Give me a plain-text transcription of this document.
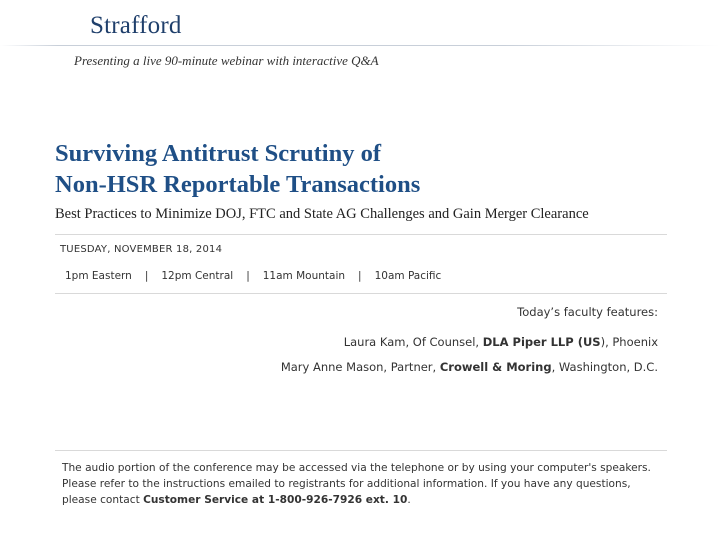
Strafford
Presenting a live 90-minute webinar with interactive Q&A
Surviving Antitrust Scrutiny of
Non-HSR Reportable Transactions
Best Practices to Minimize DOJ, FTC and State AG Challenges and Gain Merger Clearance
TUESDAY, NOVEMBER 18, 2014
1pm Eastern | 12pm Central | 11am Mountain | 10am Pacific
Today’s faculty features:
Laura Kam, Of Counsel, DLA Piper LLP (US), Phoenix
Mary Anne Mason, Partner, Crowell & Moring, Washington, D.C.
The audio portion of the conference may be accessed via the telephone or by using your computer's speakers. Please refer to the instructions emailed to registrants for additional information. If you have any questions, please contact Customer Service at 1-800-926-7926 ext. 10.
